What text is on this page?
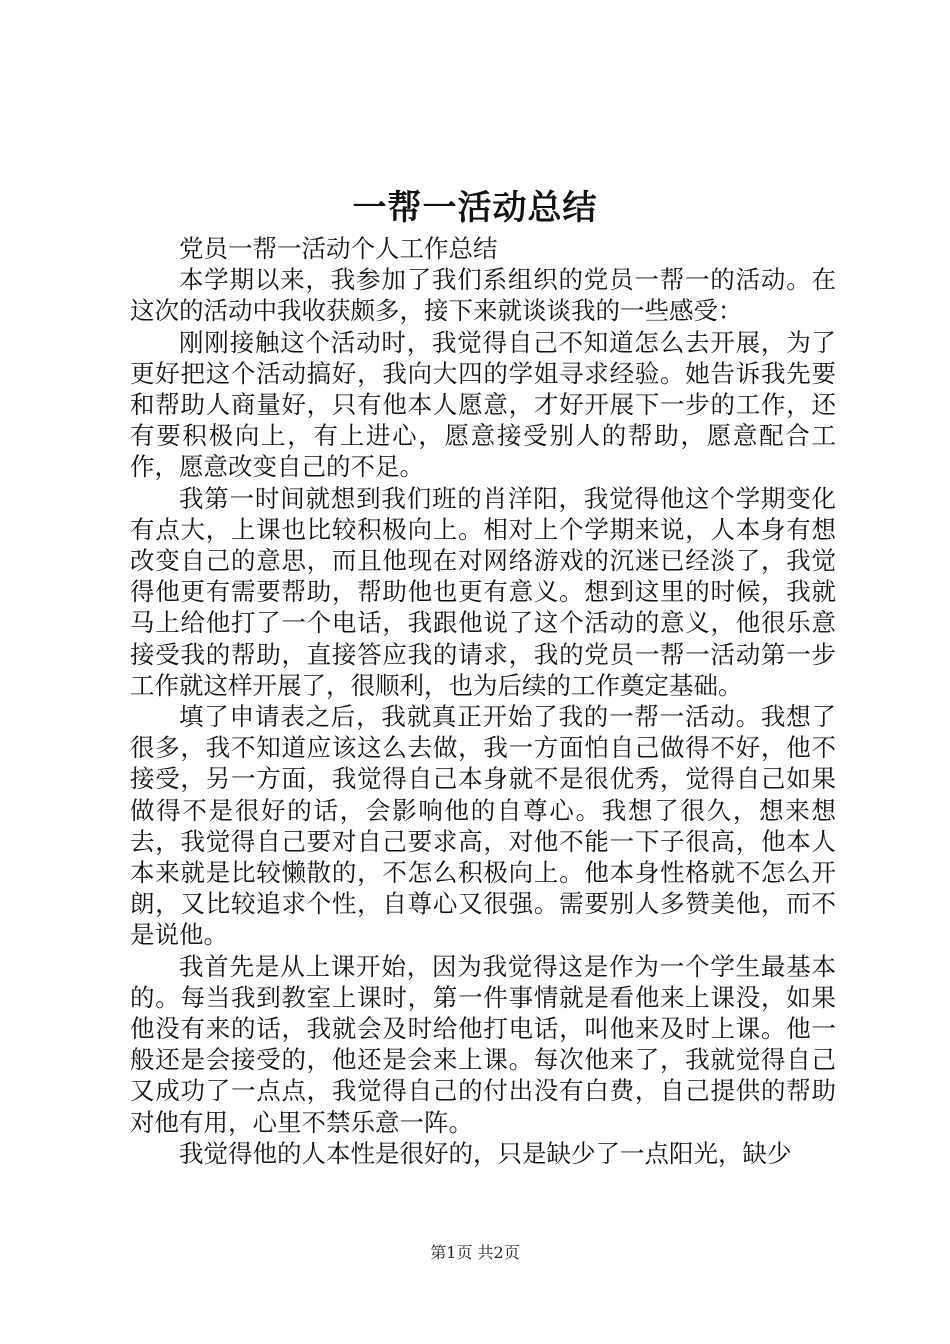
一帮一活动总结

党员一帮一活动个人工作总结

本学期以来，我参加了我们系组织的党员一帮一的活动。在这次的活动中我收获颇多，接下来就谈谈我的一些感受：

刚刚接触这个活动时，我觉得自己不知道怎么去开展，为了更好把这个活动搞好，我向大四的学姐寻求经验。她告诉我先要和帮助人商量好，只有他本人愿意，才好开展下一步的工作，还有要积极向上，有上进心，愿意接受别人的帮助，愿意配合工作，愿意改变自己的不足。

我第一时间就想到我们班的肖洋阳，我觉得他这个学期变化有点大，上课也比较积极向上。相对上个学期来说，人本身有想改变自己的意思，而且他现在对网络游戏的沉迷已经淡了，我觉得他更有需要帮助，帮助他也更有意义。想到这里的时候，我就马上给他打了一个电话，我跟他说了这个活动的意义，他很乐意接受我的帮助，直接答应我的请求，我的党员一帮一活动第一步工作就这样开展了，很顺利，也为后续的工作奠定基础。

填了申请表之后，我就真正开始了我的一帮一活动。我想了很多，我不知道应该这么去做，我一方面怕自己做得不好，他不接受，另一方面，我觉得自己本身就不是很优秀，觉得自己如果做得不是很好的话，会影响他的自尊心。我想了很久，想来想去，我觉得自己要对自己要求高，对他不能一下子很高，他本人本来就是比较懒散的，不怎么积极向上。他本身性格就不怎么开朗，又比较追求个性，自尊心又很强。需要别人多赞美他，而不是说他。

我首先是从上课开始，因为我觉得这是作为一个学生最基本的。每当我到教室上课时，第一件事情就是看他来上课没，如果他没有来的话，我就会及时给他打电话，叫他来及时上课。他一般还是会接受的，他还是会来上课。每次他来了，我就觉得自己又成功了一点点，我觉得自己的付出没有白费，自己提供的帮助对他有用，心里不禁乐意一阵。

我觉得他的人本性是很好的，只是缺少了一点阳光，缺少

第1页 共2页
